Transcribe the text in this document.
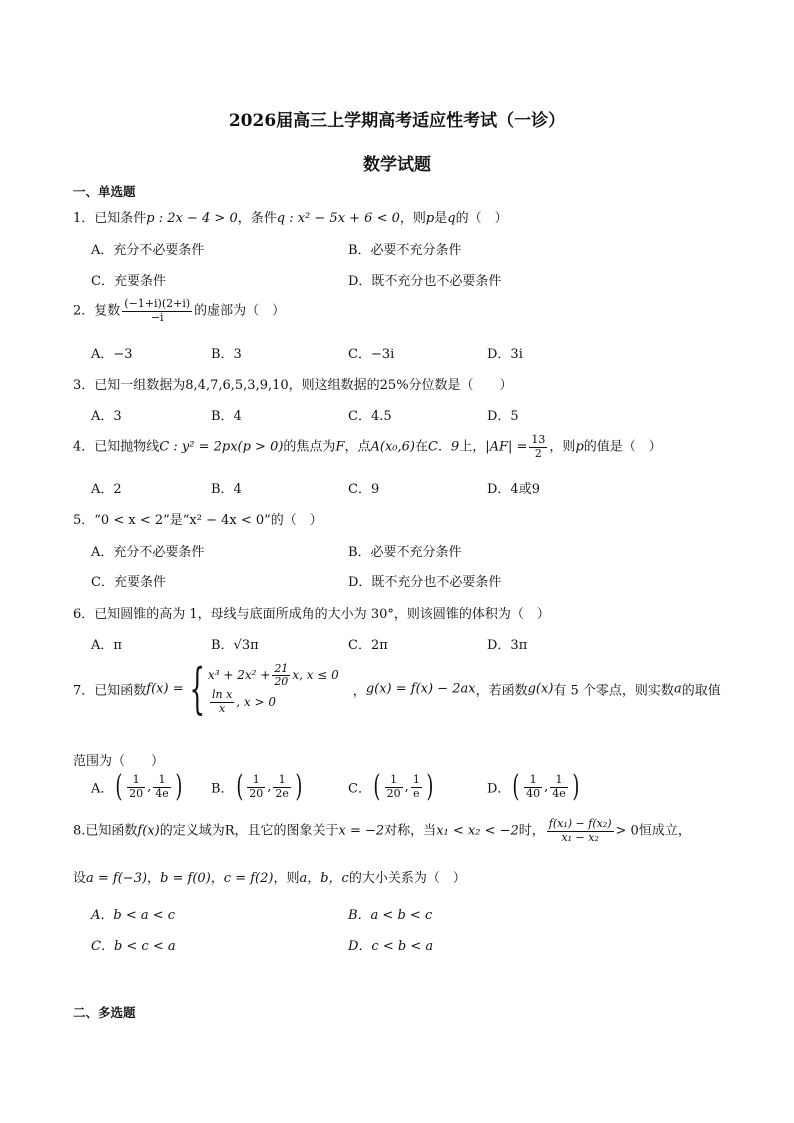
2026届高三上学期高考适应性考试（一诊）
数学试题
一、单选题
1．已知条件p : 2x − 4 > 0，条件q : x² − 5x + 6 < 0，则p是q的（　）
A．充分不必要条件	B．必要不充分条件
C．充要条件	D．既不充分也不必要条件
2．复数 $\frac{(-1+i)(2+i)}{-i}$ 的虚部为（　）
A．−3	B．3	C．−3i	D．3i
3．已知一组数据为8,4,7,6,5,3,9,10，则这组数据的25%分位数是（　　）
A．3	B．4	C．4.5	D．5
4．已知抛物线C : y² = 2px(p > 0)的焦点为F，点A(x₀,6)在C．9上，$|AF| = \frac{13}{2}$ ，则p的值是（　）
A．2	B．4	C．9	D．4或9
5．“0 < x < 2”是“x² − 4x < 0”的（　）
A．充分不必要条件	B．必要不充分条件
C．充要条件	D．既不充分也不必要条件
6．已知圆锥的高为 1，母线与底面所成角的大小为 30°，则该圆锥的体积为（　）
A．π	B．√3π	C．2π	D．3π
7．已知函数f(x) = { $x^3 + 2x^2 + \frac{21}{20} x$, x ≤ 0
$\frac{\text{ln x}}{x}$ , x > 0
，g(x) = f(x) − 2ax，若函数g(x)有 5 个零点，则实数a的取值
范围为（　　）
A．( $\frac{1}{20}$ , $\frac{1}{4e}$ ) B．( $\frac{1}{20}$ , $\frac{1}{2e}$ )	C．( $\frac{1}{20}$ , $\frac{1}{e}$ )	D．( $\frac{1}{40}$ , $\frac{1}{4e}$ )
8.已知函数f(x)的定义域为R，且它的图象关于x = −2对称，当x₁ < x₂ < −2时， $\frac{\text{f(x₁) − f(x₂)}}{\text{x₁ − x₂}} > 0$恒成立，
设a = f(−3)，b = f(0)，c = f(2)，则a，b，c的大小关系为（　）
A．b < a < c	B．a < b < c
C．b < c < a	D．c < b < a
二、多选题
